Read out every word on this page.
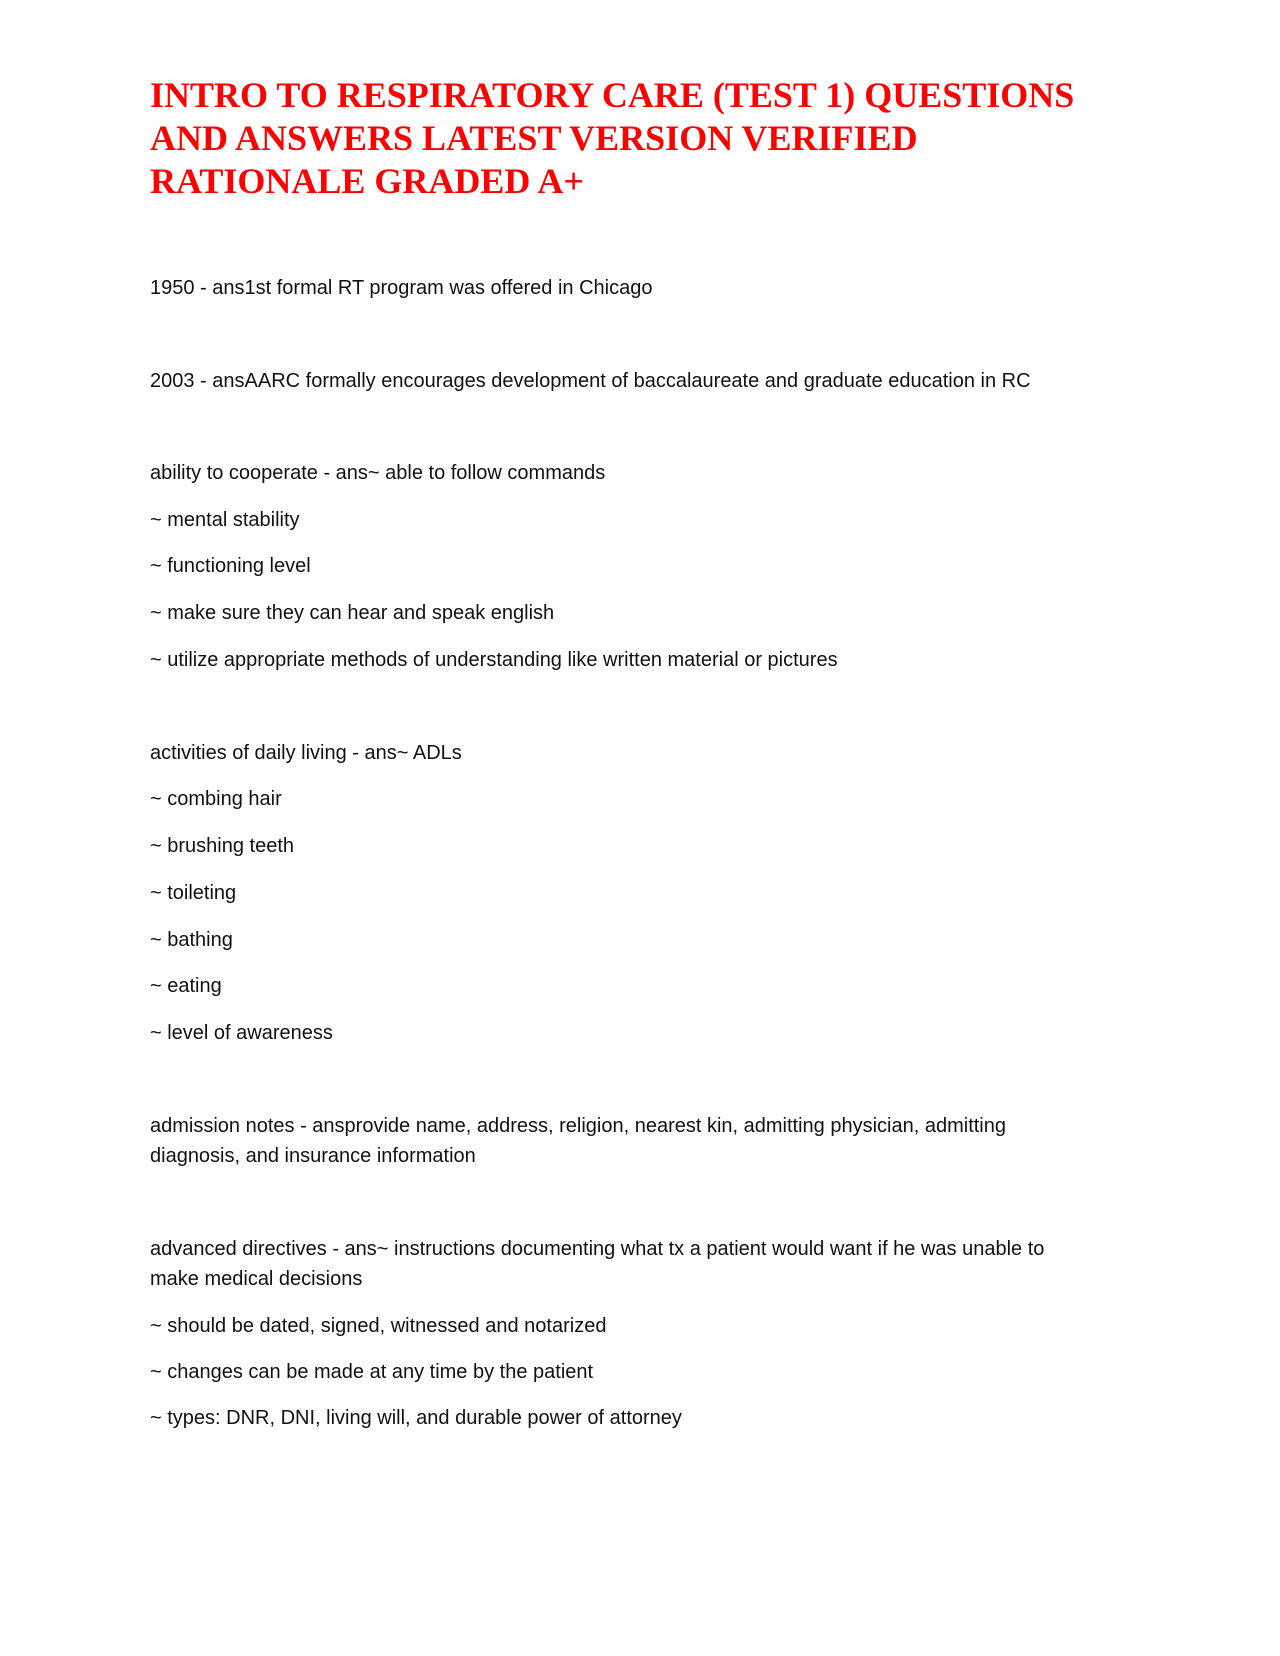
INTRO TO RESPIRATORY CARE (TEST 1) QUESTIONS
AND ANSWERS LATEST VERSION VERIFIED
RATIONALE GRADED A+

1950 - ans1st formal RT program was offered in Chicago

2003 - ansAARC formally encourages development of baccalaureate and graduate education in RC

ability to cooperate - ans~ able to follow commands

~ mental stability

~ functioning level

~ make sure they can hear and speak english

~ utilize appropriate methods of understanding like written material or pictures

activities of daily living - ans~ ADLs

~ combing hair

~ brushing teeth

~ toileting

~ bathing

~ eating

~ level of awareness

admission notes - ansprovide name, address, religion, nearest kin, admitting physician, admitting

diagnosis, and insurance information

advanced directives - ans~ instructions documenting what tx a patient would want if he was unable to

make medical decisions

~ should be dated, signed, witnessed and notarized

~ changes can be made at any time by the patient

~ types: DNR, DNI, living will, and durable power of attorney
